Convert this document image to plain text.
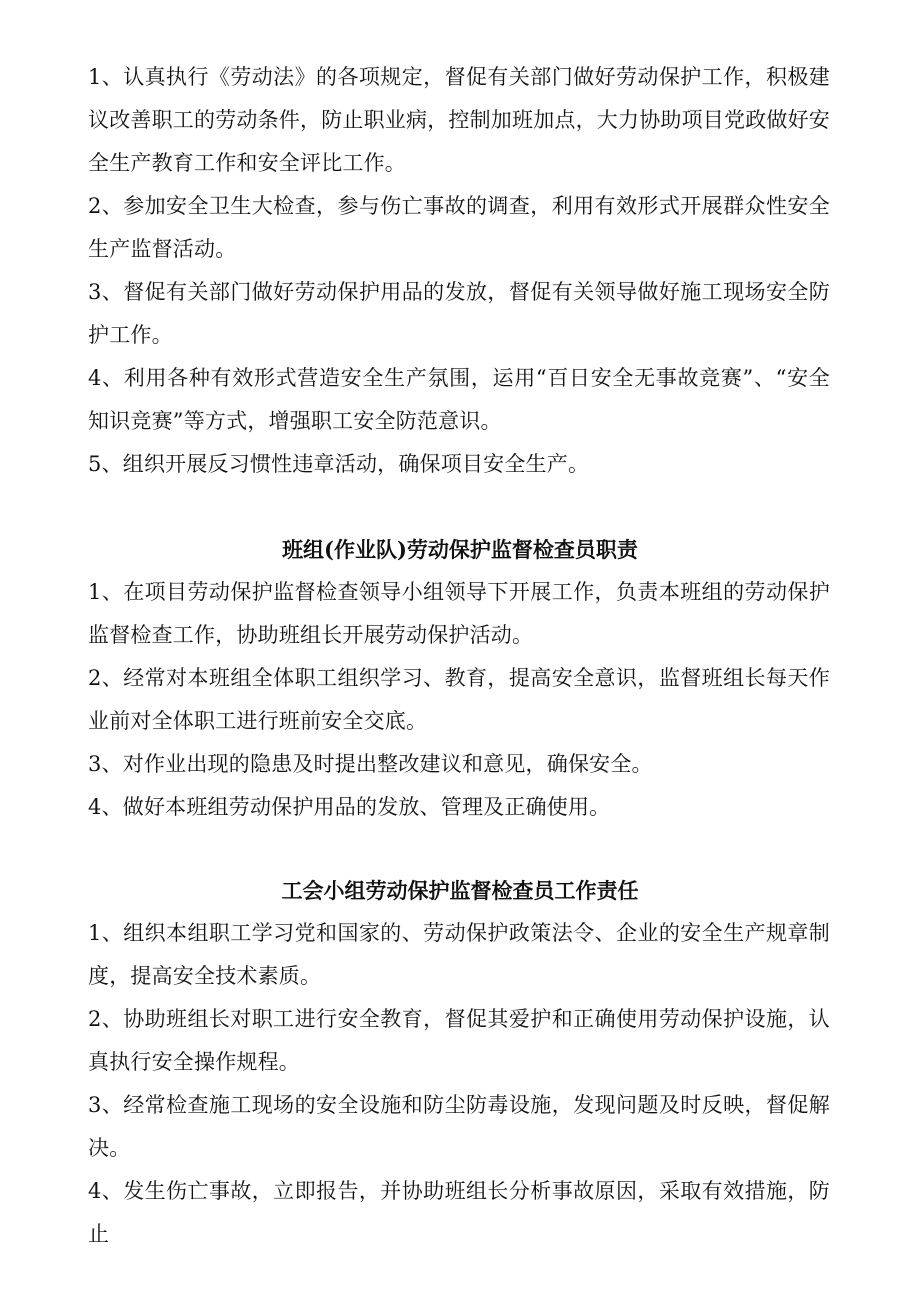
1、认真执行《劳动法》的各项规定，督促有关部门做好劳动保护工作，积极建议改善职工的劳动条件，防止职业病，控制加班加点，大力协助项目党政做好安全生产教育工作和安全评比工作。

2、参加安全卫生大检查，参与伤亡事故的调查，利用有效形式开展群众性安全生产监督活动。

3、督促有关部门做好劳动保护用品的发放，督促有关领导做好施工现场安全防护工作。

4、利用各种有效形式营造安全生产氛围，运用“百日安全无事故竞赛”、“安全知识竞赛”等方式，增强职工安全防范意识。

5、组织开展反习惯性违章活动，确保项目安全生产。

班组(作业队)劳动保护监督检查员职责

1、在项目劳动保护监督检查领导小组领导下开展工作，负责本班组的劳动保护监督检查工作，协助班组长开展劳动保护活动。

2、经常对本班组全体职工组织学习、教育，提高安全意识，监督班组长每天作业前对全体职工进行班前安全交底。

3、对作业出现的隐患及时提出整改建议和意见，确保安全。

4、做好本班组劳动保护用品的发放、管理及正确使用。

工会小组劳动保护监督检查员工作责任

1、组织本组职工学习党和国家的、劳动保护政策法令、企业的安全生产规章制度，提高安全技术素质。

2、协助班组长对职工进行安全教育，督促其爱护和正确使用劳动保护设施，认真执行安全操作规程。

3、经常检查施工现场的安全设施和防尘防毒设施，发现问题及时反映，督促解决。

4、发生伤亡事故，立即报告，并协助班组长分析事故原因，采取有效措施，防止
